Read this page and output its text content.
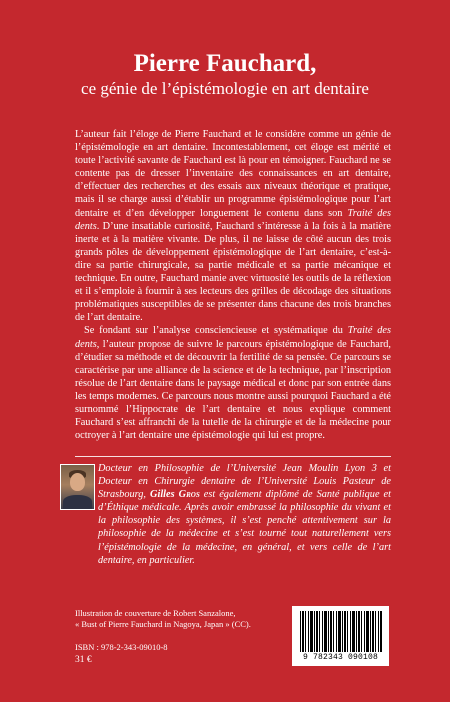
Pierre Fauchard,
ce génie de l’épistémologie en art dentaire

L’auteur fait l’éloge de Pierre Fauchard et le considère comme un génie de l’épistémologie en art dentaire. Incontestablement, cet éloge est mérité et toute l’activité savante de Fauchard est là pour en témoigner. Fauchard ne se contente pas de dresser l’inventaire des connaissances en art dentaire, d’effectuer des recherches et des essais aux niveaux théorique et pratique, mais il se charge aussi d’établir un programme épistémologique pour l’art dentaire et d’en développer longuement le contenu dans son Traité des dents. D’une insatiable curiosité, Fauchard s’intéresse à la fois à la matière inerte et à la matière vivante. De plus, il ne laisse de côté aucun des trois grands pôles de développement épistémologique de l’art dentaire, c’est-à-dire sa partie chirurgicale, sa partie médicale et sa partie mécanique et technique. En outre, Fauchard manie avec virtuosité les outils de la réflexion et il s’emploie à fournir à ses lecteurs des grilles de décodage des situations problématiques susceptibles de se présenter dans chacune des trois branches de l’art dentaire.

Se fondant sur l’analyse consciencieuse et systématique du Traité des dents, l’auteur propose de suivre le parcours épistémologique de Fauchard, d’étudier sa méthode et de découvrir la fertilité de sa pensée. Ce parcours se caractérise par une alliance de la science et de la technique, par l’inscription résolue de l’art dentaire dans le paysage médical et donc par son entrée dans les temps modernes. Ce parcours nous montre aussi pourquoi Fauchard a été surnommé l’Hippocrate de l’art dentaire et nous explique comment Fauchard s’est affranchi de la tutelle de la chirurgie et de la médecine pour octroyer à l’art dentaire une épistémologie qui lui est propre.

Docteur en Philosophie de l’Université Jean Moulin Lyon 3 et Docteur en Chirurgie dentaire de l’Université Louis Pasteur de Strasbourg, Gilles Gros est également diplômé de Santé publique et d’Éthique médicale. Après avoir embrassé la philosophie du vivant et la philosophie des systèmes, il s’est penché attentivement sur la philosophie de la médecine et s’est tourné tout naturellement vers l’épistémologie de la médecine, en général, et vers celle de l’art dentaire, en particulier.
Illustration de couverture de Robert Sanzalone,
« Bust of Pierre Fauchard in Nagoya, Japan » (CC).
ISBN : 978-2-343-09010-8
31 €	9 782343 090108
